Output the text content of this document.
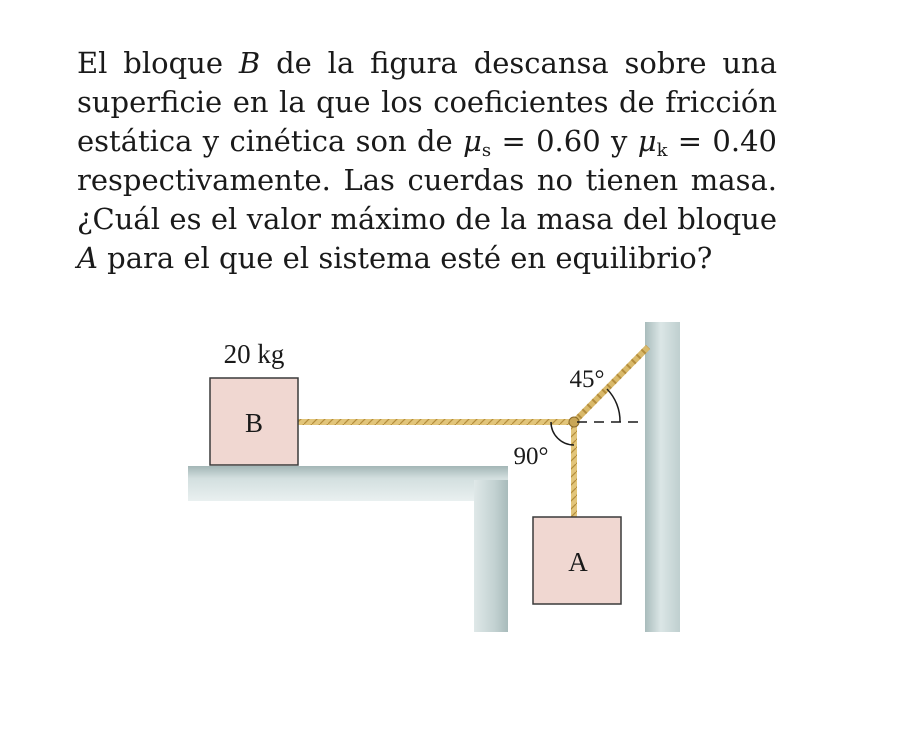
El bloque B de la figura descansa sobre una superficie en la que los coeficientes de fricción estática y cinética son de $\mu_s = 0.60$ y $\mu_k = 0.40$ respectivamente. Las cuerdas no tienen masa. ¿Cuál es el valor máximo de la masa del bloque A para el que el sistema esté en equilibrio?
B
20 kg
A
45°
90°
